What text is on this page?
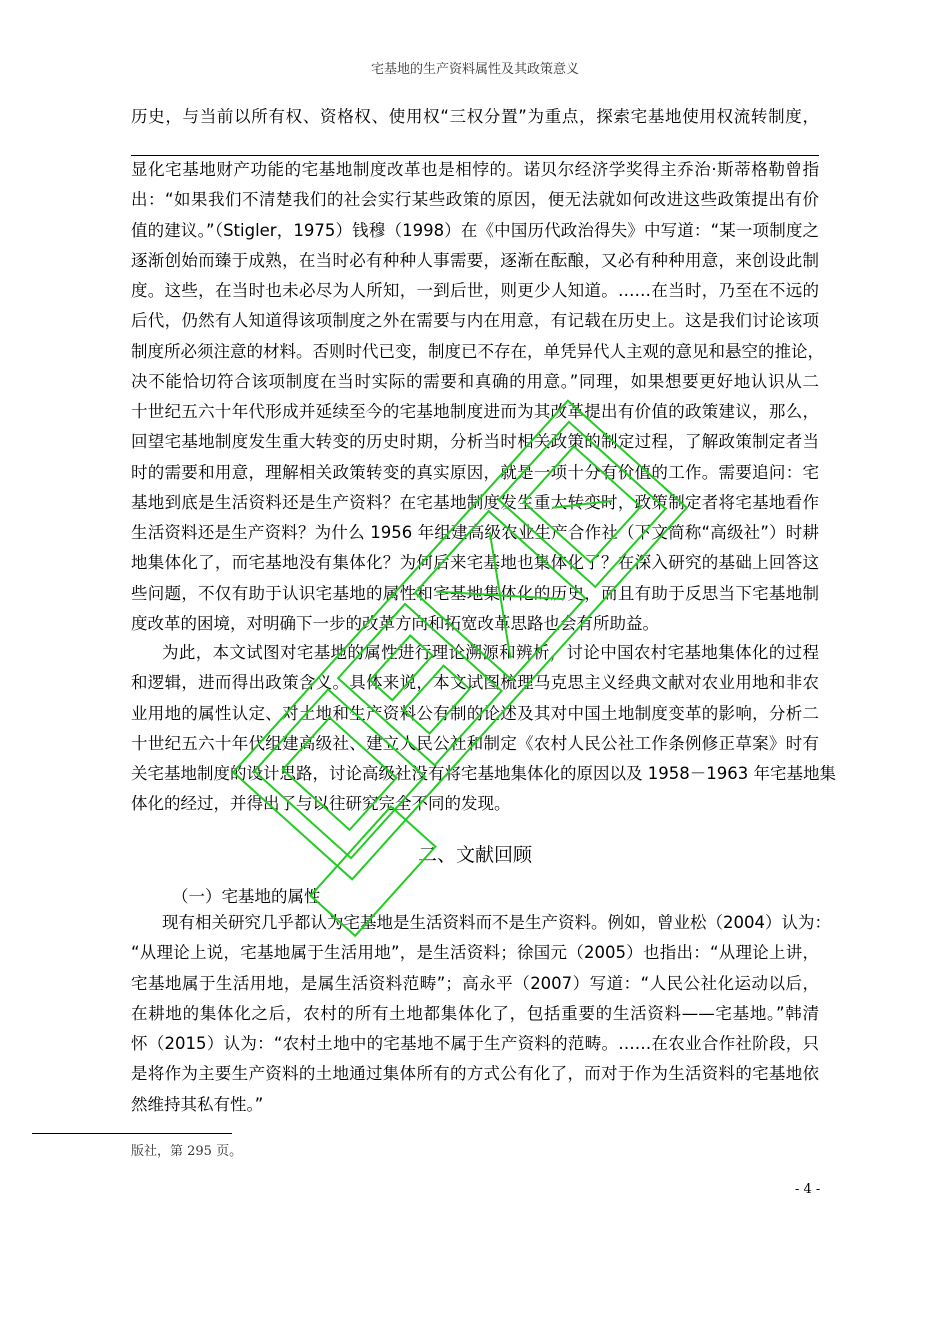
宅基地的生产资料属性及其政策意义
历史，与当前以所有权、资格权、使用权“三权分置”为重点，探索宅基地使用权流转制度，
显化宅基地财产功能的宅基地制度改革也是相悖的。诺贝尔经济学奖得主乔治·斯蒂格勒曾指
出：“如果我们不清楚我们的社会实行某些政策的原因，便无法就如何改进这些政策提出有价
值的建议。”（Stigler，1975）钱穆（1998）在《中国历代政治得失》中写道：“某一项制度之
逐渐创始而臻于成熟，在当时必有种种人事需要，逐渐在酝酿，又必有种种用意，来创设此制
度。这些，在当时也未必尽为人所知，一到后世，则更少人知道。……在当时，乃至在不远的
后代，仍然有人知道得该项制度之外在需要与内在用意，有记载在历史上。这是我们讨论该项
制度所必须注意的材料。否则时代已变，制度已不存在，单凭异代人主观的意见和悬空的推论，
决不能恰切符合该项制度在当时实际的需要和真确的用意。”同理，如果想要更好地认识从二
十世纪五六十年代形成并延续至今的宅基地制度进而为其改革提出有价值的政策建议，那么，
回望宅基地制度发生重大转变的历史时期，分析当时相关政策的制定过程，了解政策制定者当
时的需要和用意，理解相关政策转变的真实原因，就是一项十分有价值的工作。需要追问：宅
基地到底是生活资料还是生产资料？在宅基地制度发生重大转变时，政策制定者将宅基地看作
生活资料还是生产资料？为什么 1956 年组建高级农业生产合作社（下文简称“高级社”）时耕
地集体化了，而宅基地没有集体化？为何后来宅基地也集体化了？在深入研究的基础上回答这
些问题，不仅有助于认识宅基地的属性和宅基地集体化的历史，而且有助于反思当下宅基地制
度改革的困境，对明确下一步的改革方向和拓宽改革思路也会有所助益。
为此，本文试图对宅基地的属性进行理论溯源和辨析，讨论中国农村宅基地集体化的过程
和逻辑，进而得出政策含义。具体来说，本文试图梳理马克思主义经典文献对农业用地和非农
业用地的属性认定、对土地和生产资料公有制的论述及其对中国土地制度变革的影响，分析二
十世纪五六十年代组建高级社、建立人民公社和制定《农村人民公社工作条例修正草案》时有
关宅基地制度的设计思路，讨论高级社没有将宅基地集体化的原因以及 1958－1963 年宅基地集
体化的经过，并得出了与以往研究完全不同的发现。
二、文献回顾
（一）宅基地的属性
现有相关研究几乎都认为宅基地是生活资料而不是生产资料。例如，曾业松（2004）认为：
“从理论上说，宅基地属于生活用地”，是生活资料；徐国元（2005）也指出：“从理论上讲，
宅基地属于生活用地，是属生活资料范畴”；高永平（2007）写道：“人民公社化运动以后，
在耕地的集体化之后，农村的所有土地都集体化了，包括重要的生活资料——宅基地。”韩清
怀（2015）认为：“农村土地中的宅基地不属于生产资料的范畴。……在农业合作社阶段，只
是将作为主要生产资料的土地通过集体所有的方式公有化了，而对于作为生活资料的宅基地依
然维持其私有性。”
版社，第 295 页。
- 4 -
